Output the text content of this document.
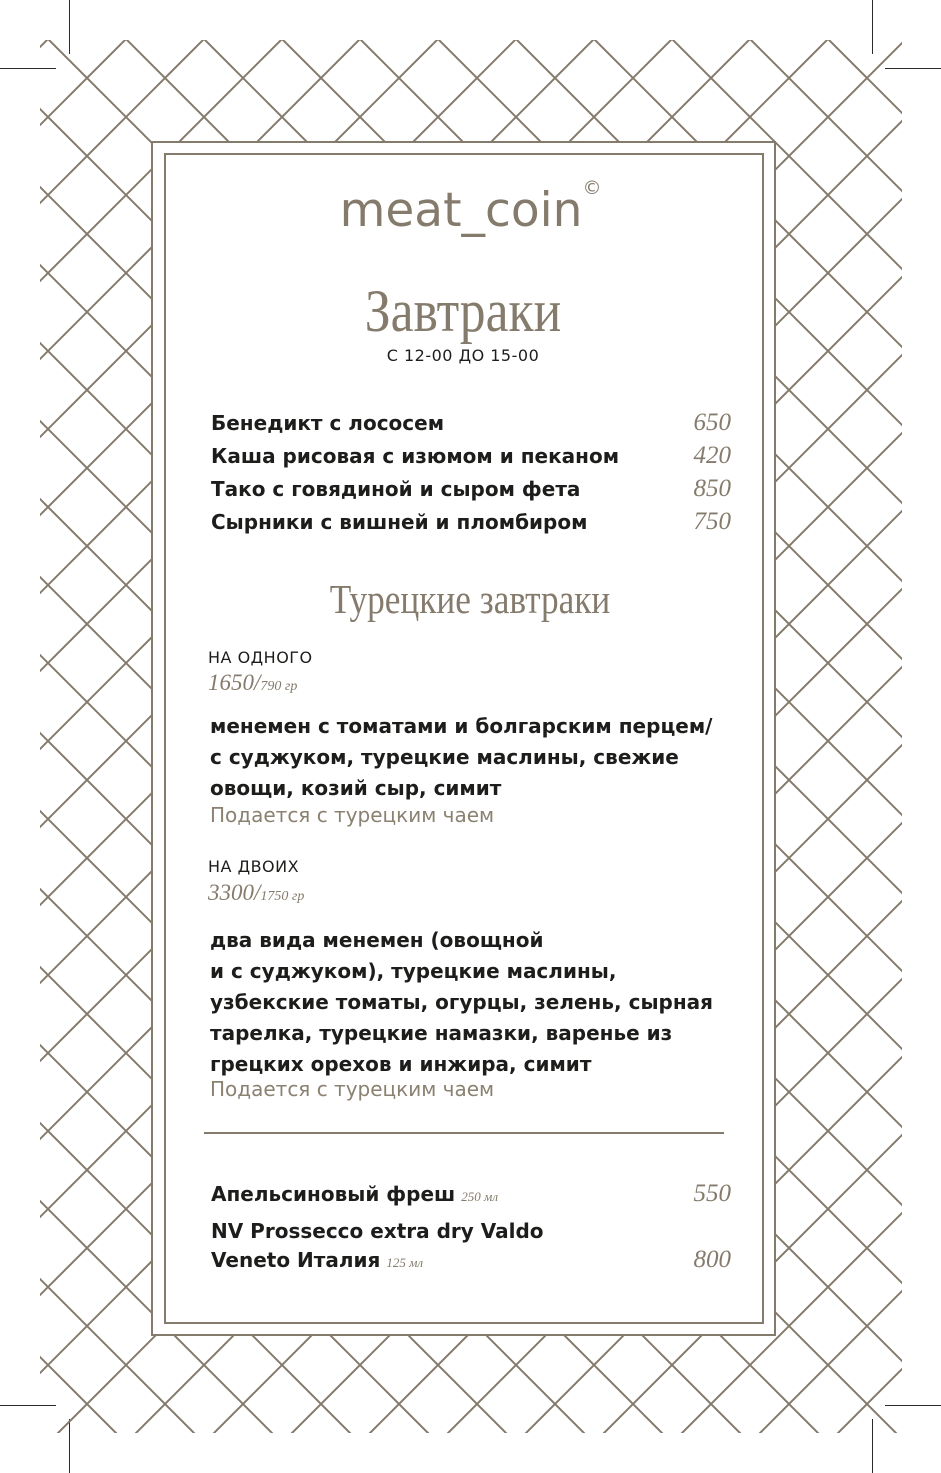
meat_coin©
Завтраки
С 12-00 ДО 15-00
Бенедикт с лососем	650
Каша рисовая с изюмом и пеканом	420
Тако с говядиной и сыром фета	850
Сырники с вишней и пломбиром	750
Турецкие завтраки
НА ОДНОГО
1650/790 гр
менемен с томатами и болгарским перцем/
с суджуком, турецкие маслины, свежие
овощи, козий сыр, симит
Подается с турецким чаем
НА ДВОИХ
3300/1750 гр
два вида менемен (овощной
и с суджуком), турецкие маслины,
узбекские томаты, огурцы, зелень, сырная
тарелка, турецкие намазки, варенье из
грецких орехов и инжира, симит
Подается с турецким чаем
Апельсиновый фреш 250 мл	550
NV Prossecco extra dry Valdo
Veneto Италия 125 мл	800
